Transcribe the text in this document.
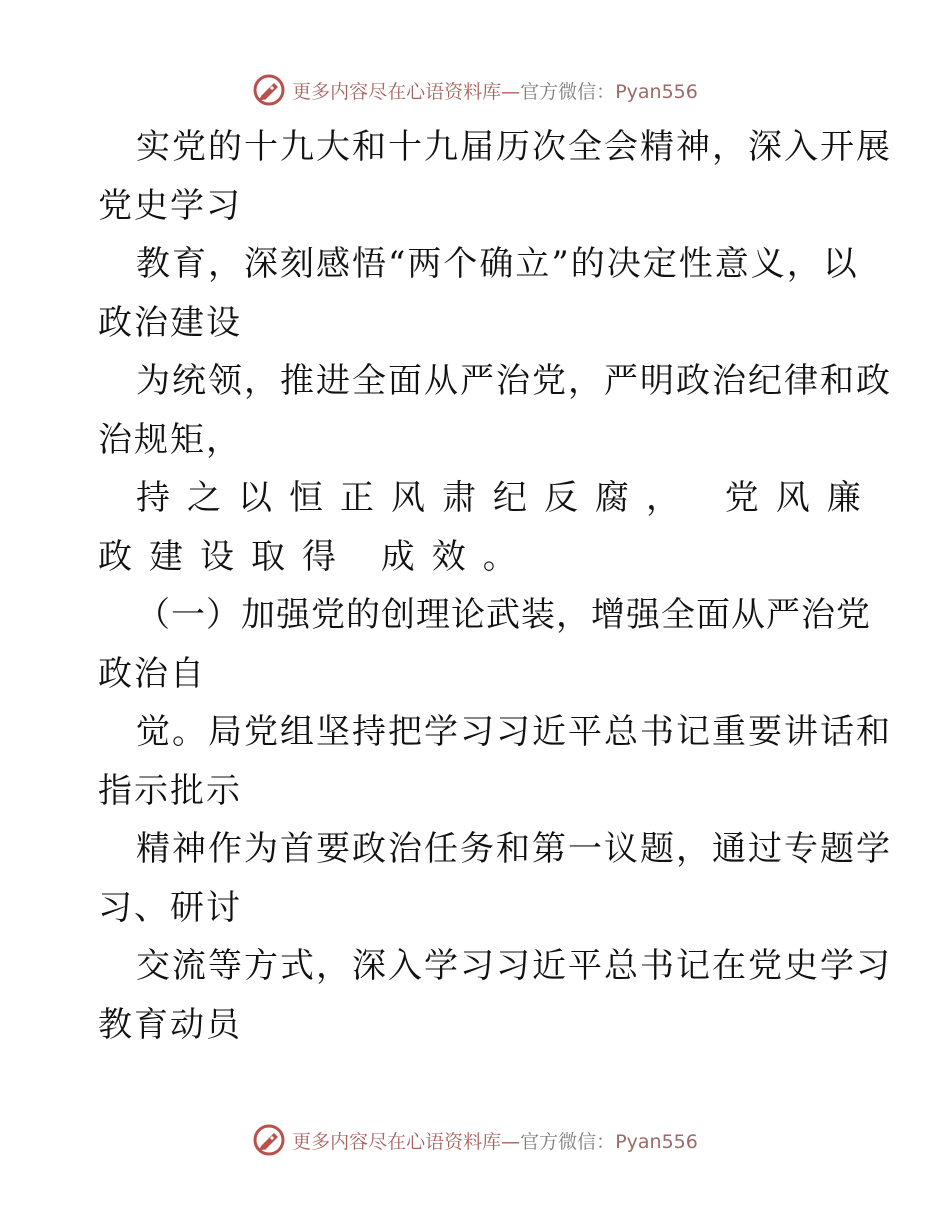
更多内容尽在心语资料库—官方微信：Pyan556
实党的十九大和十九届历次全会精神，深入开展
党史学习
教育，深刻感悟“两个确立”的决定性意义，以
政治建设
为统领，推进全面从严治党，严明政治纪律和政
治规矩，
持之以恒正风肃纪反腐， 党风廉
政建设取得 成效。
（一）加强党的创理论武装，增强全面从严治党
政治自
觉。局党组坚持把学习习近平总书记重要讲话和
指示批示
精神作为首要政治任务和第一议题，通过专题学
习、研讨
交流等方式，深入学习习近平总书记在党史学习
教育动员
更多内容尽在心语资料库—官方微信：Pyan556
